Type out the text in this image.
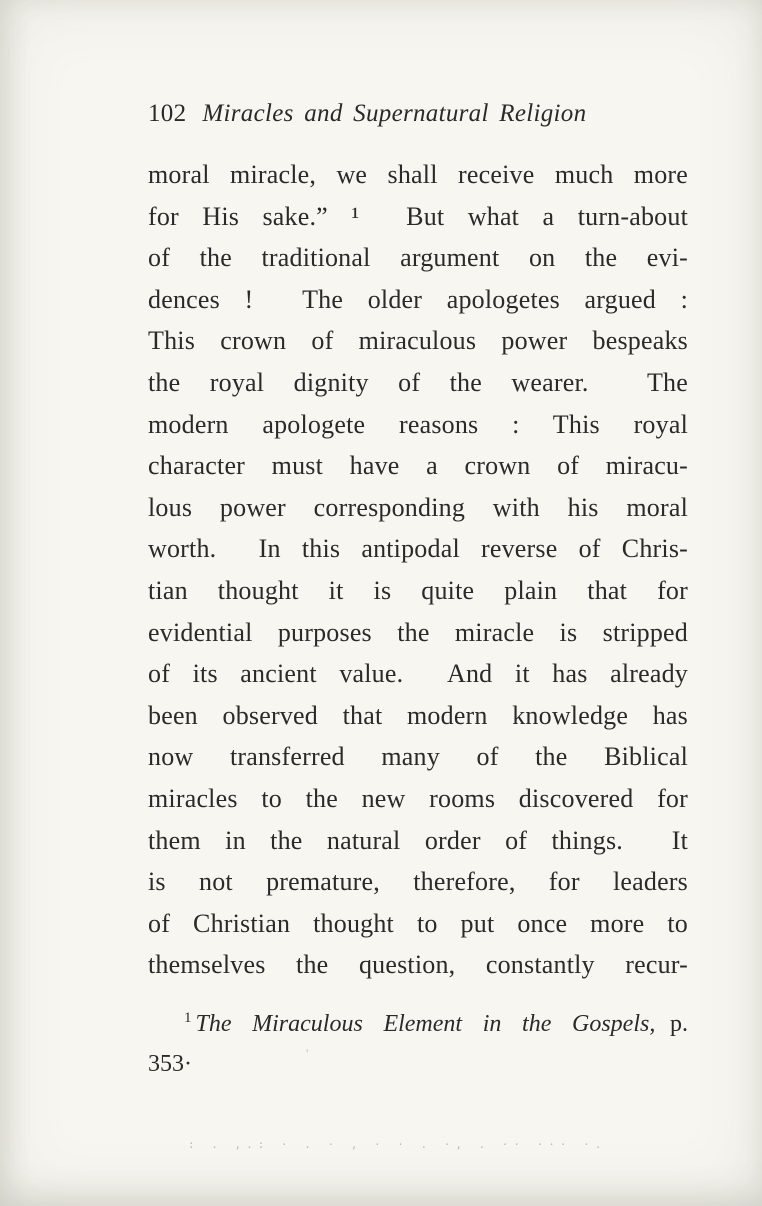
102 Miracles and Supernatural Religion
moral miracle, we shall receive much more
for His sake.” ¹  But what a turn-about
of the traditional argument on the evi-
dences !  The older apologetes argued :
This crown of miraculous power bespeaks
the royal dignity of the wearer.  The
modern apologete reasons : This royal
character must have a crown of miracu-
lous power corresponding with his moral
worth.  In this antipodal reverse of Chris-
tian thought it is quite plain that for
evidential purposes the miracle is stripped
of its ancient value.  And it has already
been observed that modern knowledge has
now transferred many of the Biblical
miracles to the new rooms discovered for
them in the natural order of things.  It
is not premature, therefore, for leaders
of Christian thought to put once more to
themselves the question, constantly recur-
$^1$ The Miraculous Element in the Gospels, p.
353·	'
: . ,.: · . · , · · . ·, . ·· ··· ·.
